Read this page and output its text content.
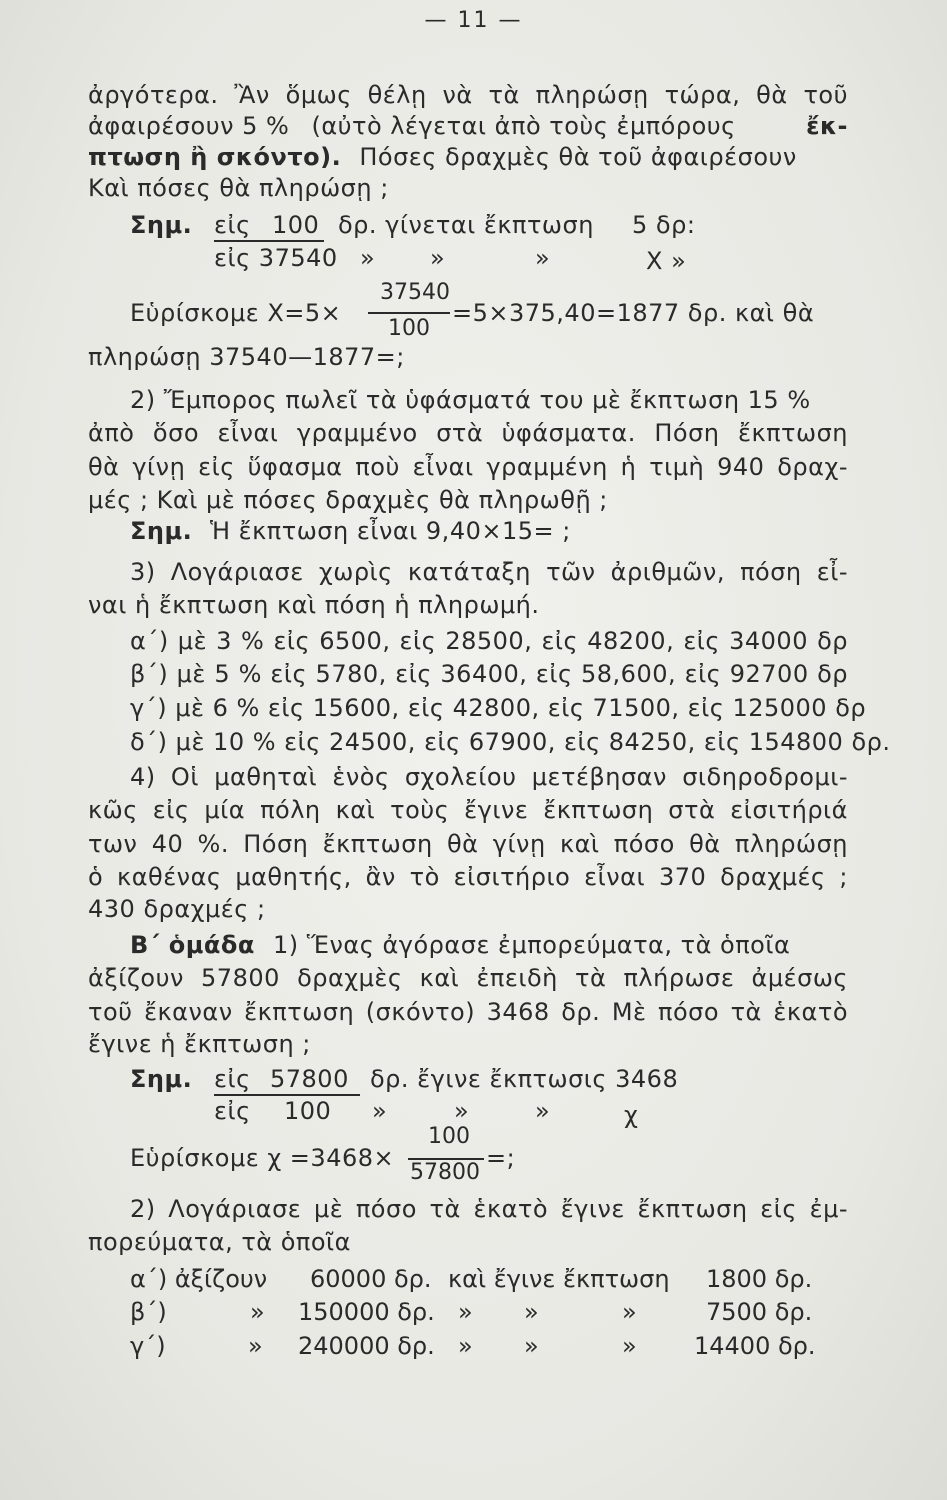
— 11 —
ἀργότερα. Ἂν ὅμως θέλῃ νὰ τὰ πληρώσῃ τώρα, θὰ τοῦ
ἀφαιρέσουν 5 % (αὐτὸ λέγεται ἀπὸ τοὺς ἐμπόρους	ἔκ-
πτωση ἢ σκόντο). Πόσες δραχμὲς θὰ τοῦ ἀφαιρέσουν
Καὶ πόσες θὰ πληρώσῃ ;
Σημ. εἰς 100 δρ. γίνεται ἔκπτωση 5 δρ:
εἰς 37540 » »	»	Χ »
37540
Εὑρίσκομε Χ=5×	=5×375,40=1877 δρ. καὶ θὰ
100
πληρώσῃ 37540—1877=;
2) Ἔμπορος πωλεῖ τὰ ὑφάσματά του μὲ ἔκπτωση 15 %
ἀπὸ ὅσο εἶναι γραμμένο στὰ ὑφάσματα. Πόση ἔκπτωση
θὰ γίνῃ εἰς ὕφασμα ποὺ εἶναι γραμμένη ἡ τιμὴ 940 δραχ-
μές ; Καὶ μὲ πόσες δραχμὲς θὰ πληρωθῇ ;
Σημ. Ἡ ἔκπτωση εἶναι 9,40×15= ;
3) Λογάριασε χωρὶς κατάταξη τῶν ἀριθμῶν, πόση εἶ-
ναι ἡ ἔκπτωση καὶ πόση ἡ πληρωμή.
α΄) μὲ 3 % εἰς 6500, εἰς 28500, εἰς 48200, εἰς 34000 δρ
β΄) μὲ 5 % εἰς 5780, εἰς 36400, εἰς 58,600, εἰς 92700 δρ
γ΄) μὲ 6 % εἰς 15600, εἰς 42800, εἰς 71500, εἰς 125000 δρ
δ΄) μὲ 10 % εἰς 24500, εἰς 67900, εἰς 84250, εἰς 154800 δρ.
4) Οἱ μαθηταὶ ἑνὸς σχολείου μετέβησαν σιδηροδρομι-
κῶς εἰς μία πόλη καὶ τοὺς ἔγινε ἔκπτωση στὰ εἰσιτήριά
των 40 %. Πόση ἔκπτωση θὰ γίνῃ καὶ πόσο θὰ πληρώσῃ
ὁ καθένας μαθητής, ἂν τὸ εἰσιτήριο εἶναι 370 δραχμές ;
430 δραχμές ;
Β΄ ὁμάδα 1) Ἕνας ἀγόρασε ἐμπορεύματα, τὰ ὁποῖα
ἀξίζουν 57800 δραχμὲς καὶ ἐπειδὴ τὰ πλήρωσε ἀμέσως
τοῦ ἔκαναν ἔκπτωση (σκόντο) 3468 δρ. Μὲ πόσο τὰ ἑκατὸ
ἔγινε ἡ ἔκπτωση ;
Σημ. εἰς 57800 δρ. ἔγινε ἔκπτωσις 3468
εἰς 100 »	»	»	χ
100
Εὑρίσκομε χ =3468×	=;
57800
2) Λογάριασε μὲ πόσο τὰ ἑκατὸ ἔγινε ἔκπτωση εἰς ἐμ-
πορεύματα, τὰ ὁποῖα
α΄) ἀξίζουν 60000 δρ. καὶ ἔγινε ἔκπτωση 1800 δρ.
β΄)	» 150000 δρ. » »	»	7500 δρ.
γ΄)	» 240000 δρ. » »	» 14400 δρ.
